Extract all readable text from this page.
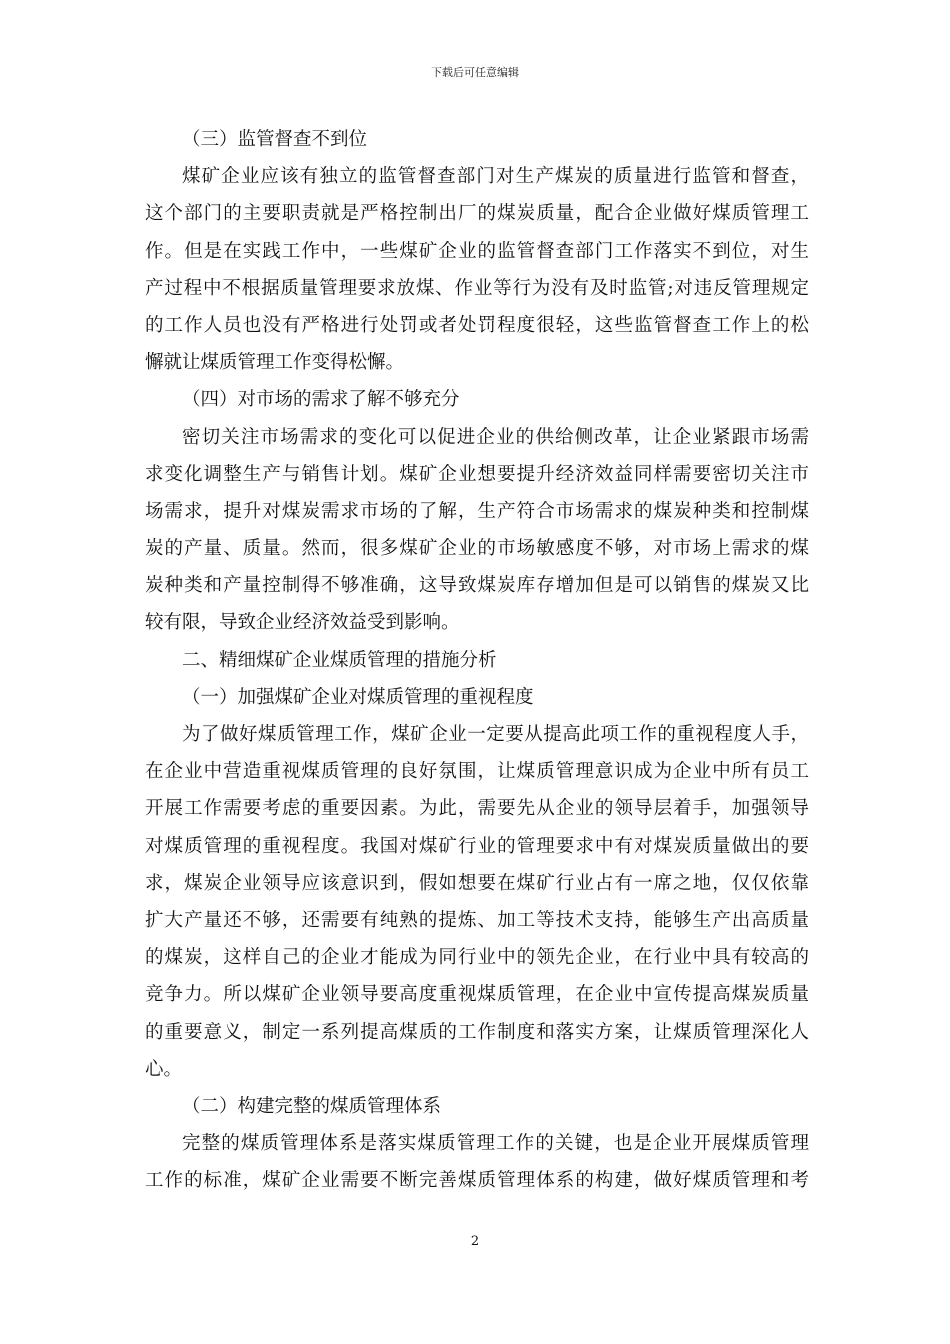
下载后可任意编辑
（三）监管督查不到位
煤矿企业应该有独立的监管督查部门对生产煤炭的质量进行监管和督查，
这个部门的主要职责就是严格控制出厂的煤炭质量，配合企业做好煤质管理工
作。但是在实践工作中，一些煤矿企业的监管督查部门工作落实不到位，对生
产过程中不根据质量管理要求放煤、作业等行为没有及时监管;对违反管理规定
的工作人员也没有严格进行处罚或者处罚程度很轻，这些监管督查工作上的松
懈就让煤质管理工作变得松懈。
（四）对市场的需求了解不够充分
密切关注市场需求的变化可以促进企业的供给侧改革，让企业紧跟市场需
求变化调整生产与销售计划。煤矿企业想要提升经济效益同样需要密切关注市
场需求，提升对煤炭需求市场的了解，生产符合市场需求的煤炭种类和控制煤
炭的产量、质量。然而，很多煤矿企业的市场敏感度不够，对市场上需求的煤
炭种类和产量控制得不够准确，这导致煤炭库存增加但是可以销售的煤炭又比
较有限，导致企业经济效益受到影响。
二、精细煤矿企业煤质管理的措施分析
（一）加强煤矿企业对煤质管理的重视程度
为了做好煤质管理工作，煤矿企业一定要从提高此项工作的重视程度人手，
在企业中营造重视煤质管理的良好氛围，让煤质管理意识成为企业中所有员工
开展工作需要考虑的重要因素。为此，需要先从企业的领导层着手，加强领导
对煤质管理的重视程度。我国对煤矿行业的管理要求中有对煤炭质量做出的要
求，煤炭企业领导应该意识到，假如想要在煤矿行业占有一席之地，仅仅依靠
扩大产量还不够，还需要有纯熟的提炼、加工等技术支持，能够生产出高质量
的煤炭，这样自己的企业才能成为同行业中的领先企业，在行业中具有较高的
竞争力。所以煤矿企业领导要高度重视煤质管理，在企业中宣传提高煤炭质量
的重要意义，制定一系列提高煤质的工作制度和落实方案，让煤质管理深化人
心。
（二）构建完整的煤质管理体系
完整的煤质管理体系是落实煤质管理工作的关键，也是企业开展煤质管理
工作的标准，煤矿企业需要不断完善煤质管理体系的构建，做好煤质管理和考
2
